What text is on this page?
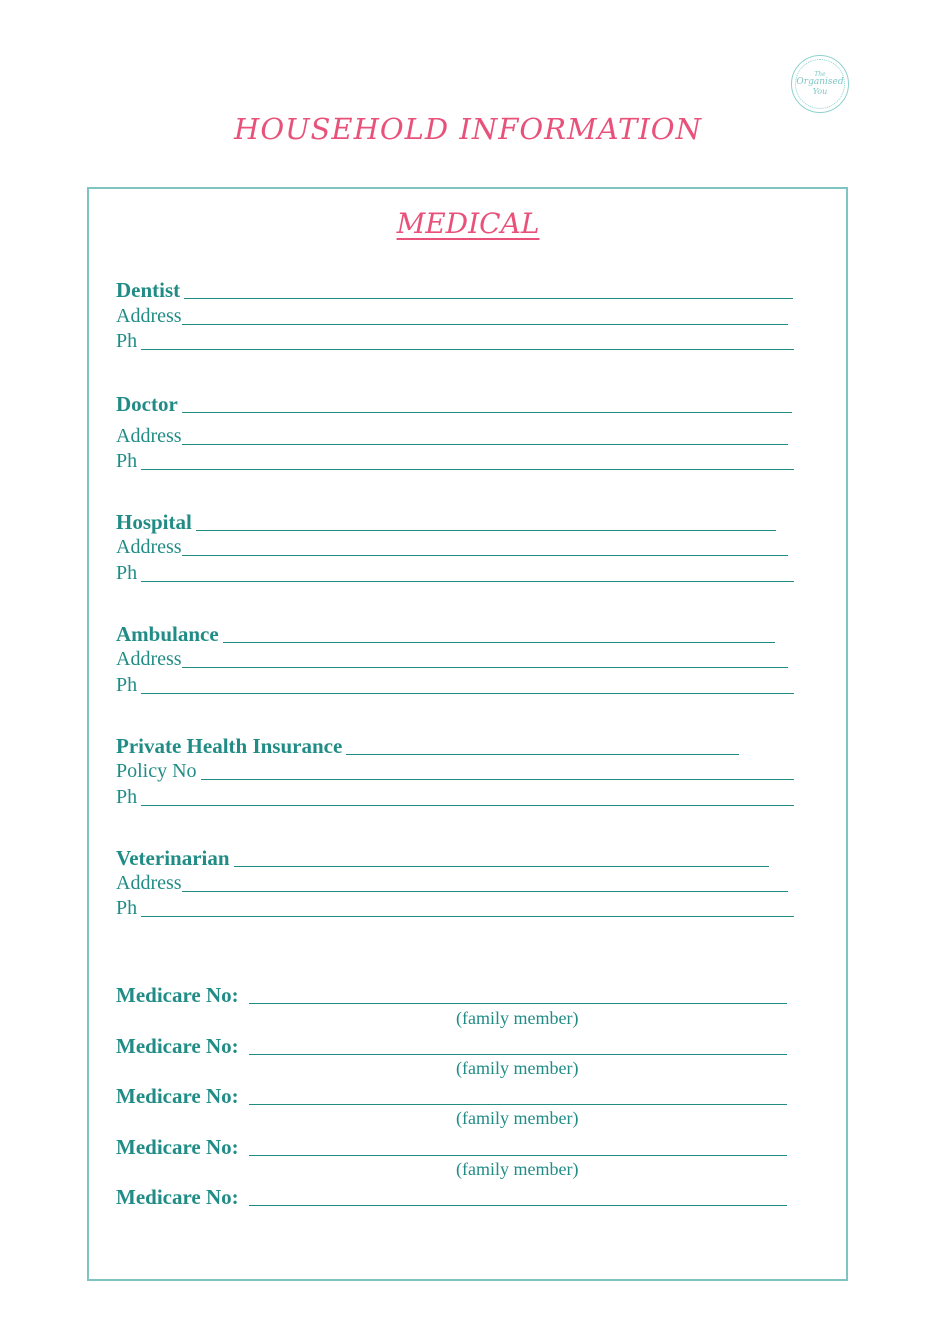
The
Organised
You
HOUSEHOLD INFORMATION
MEDICAL
Dentist
Address
Ph
Doctor
Address
Ph
Hospital
Address
Ph
Ambulance
Address
Ph
Private Health Insurance
Policy No
Ph
Veterinarian
Address
Ph
Medicare No:
(family member)
Medicare No:
(family member)
Medicare No:
(family member)
Medicare No:
(family member)
Medicare No:
